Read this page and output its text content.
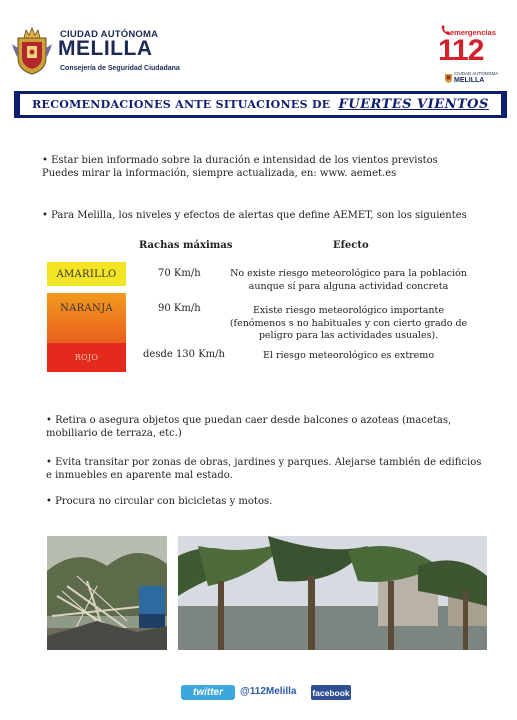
CIUDAD AUTÓNOMA
MELILLA
Consejería de Seguridad Ciudadana
emergencias
112
CIUDAD AUTÓNOMA
MELILLA
RECOMENDACIONES ANTE SITUACIONES DE FUERTES VIENTOS
• Estar bien informado sobre la duración e intensidad de los vientos previstos
Puedes mirar la información, siempre actualizada, en: www. aemet.es
• Para Melilla, los niveles y efectos de alertas que define AEMET, son los siguientes
Rachas máximas	Efecto
AMARILLO
NARANJA
ROJO
70 Km/h
90 Km/h
desde 130 Km/h
No existe riesgo meteorológico para la población aunque sí para alguna actividad concreta
Existe riesgo meteorológico importante (fenómenos s no habituales y con cierto grado de peligro para las actividades usuales).
El riesgo meteorológico es extremo
• Retira o asegura objetos que puedan caer desde balcones o azoteas (macetas, mobiliario de terraza, etc.)
• Evita transitar por zonas de obras, jardines y parques. Alejarse también de edificios e inmuebles en aparente mal estado.
• Procura no circular con bicicletas y motos.
twitter	@112Melilla facebook
